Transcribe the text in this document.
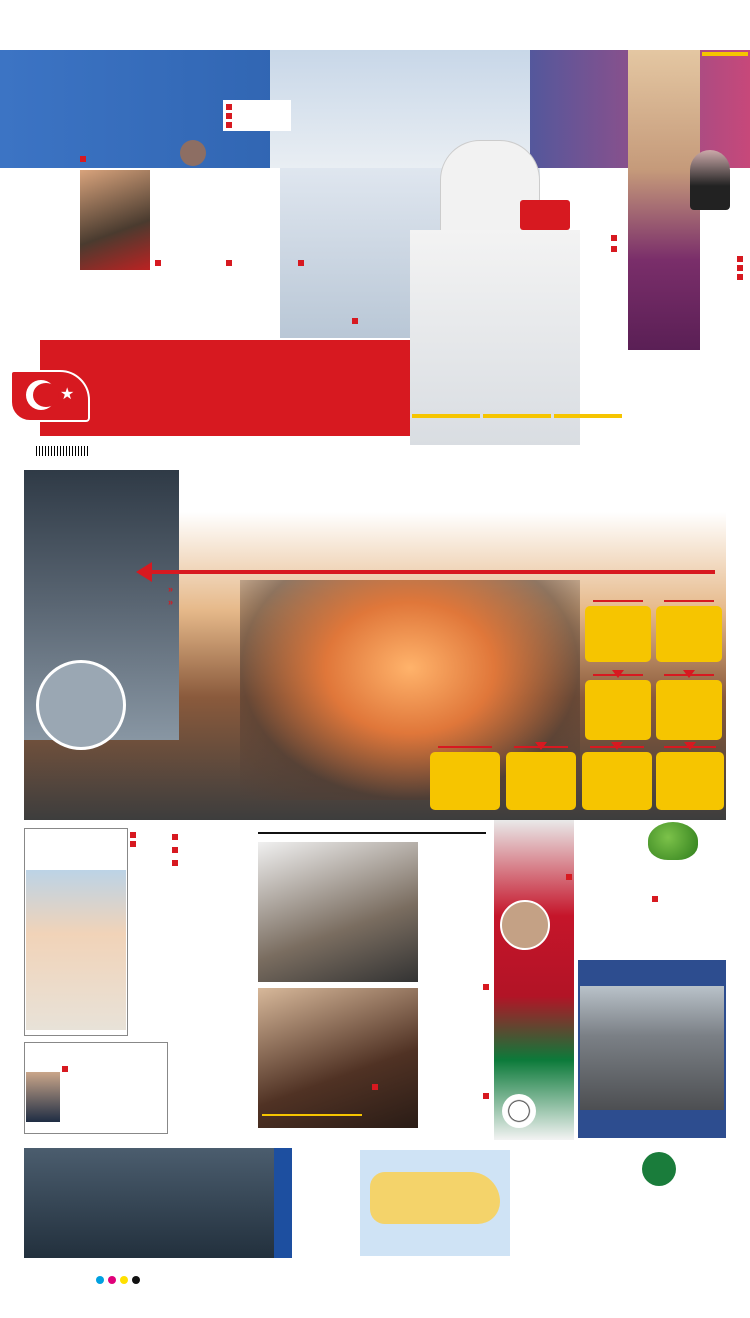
★
»
»
